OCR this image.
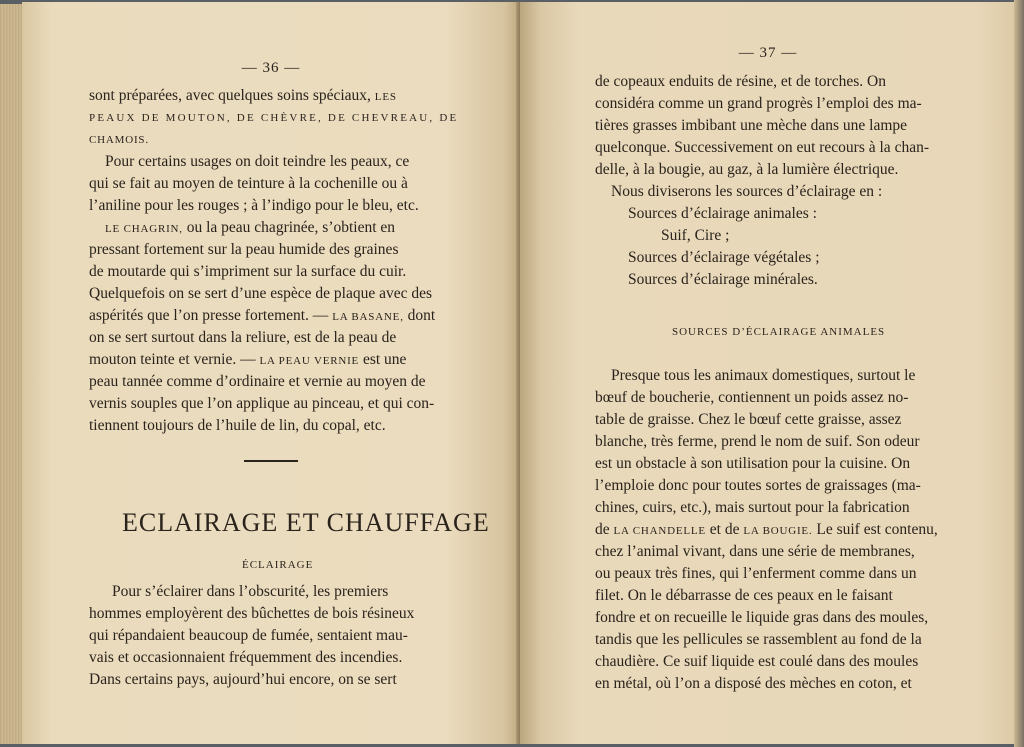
— 36 —
sont préparées, avec quelques soins spéciaux, LES
PEAUX DE MOUTON, DE CHÈVRE, DE CHEVREAU, DE
CHAMOIS.
Pour certains usages on doit teindre les peaux, ce
qui se fait au moyen de teinture à la cochenille ou à
l’aniline pour les rouges ; à l’indigo pour le bleu, etc.
LE CHAGRIN, ou la peau chagrinée, s’obtient en
pressant fortement sur la peau humide des graines
de moutarde qui s’impriment sur la surface du cuir.
Quelquefois on se sert d’une espèce de plaque avec des
aspérités que l’on presse fortement. — LA BASANE, dont
on se sert surtout dans la reliure, est de la peau de
mouton teinte et vernie. — LA PEAU VERNIE est une
peau tannée comme d’ordinaire et vernie au moyen de
vernis souples que l’on applique au pinceau, et qui con-
tiennent toujours de l’huile de lin, du copal, etc.
ECLAIRAGE ET CHAUFFAGE
ÉCLAIRAGE
Pour s’éclairer dans l’obscurité, les premiers
hommes employèrent des bûchettes de bois résineux
qui répandaient beaucoup de fumée, sentaient mau-
vais et occasionnaient fréquemment des incendies.
Dans certains pays, aujourd’hui encore, on se sert
— 37 —
de copeaux enduits de résine, et de torches. On
considéra comme un grand progrès l’emploi des ma-
tières grasses imbibant une mèche dans une lampe
quelconque. Successivement on eut recours à la chan-
delle, à la bougie, au gaz, à la lumière électrique.
Nous diviserons les sources d’éclairage en :
Sources d’éclairage animales :
Suif, Cire ;
Sources d’éclairage végétales ;
Sources d’éclairage minérales.
SOURCES D’ÉCLAIRAGE ANIMALES
Presque tous les animaux domestiques, surtout le
bœuf de boucherie, contiennent un poids assez no-
table de graisse. Chez le bœuf cette graisse, assez
blanche, très ferme, prend le nom de suif. Son odeur
est un obstacle à son utilisation pour la cuisine. On
l’emploie donc pour toutes sortes de graissages (ma-
chines, cuirs, etc.), mais surtout pour la fabrication
de LA CHANDELLE et de LA BOUGIE. Le suif est contenu,
chez l’animal vivant, dans une série de membranes,
ou peaux très fines, qui l’enferment comme dans un
filet. On le débarrasse de ces peaux en le faisant
fondre et on recueille le liquide gras dans des moules,
tandis que les pellicules se rassemblent au fond de la
chaudière. Ce suif liquide est coulé dans des moules
en métal, où l’on a disposé des mèches en coton, et
